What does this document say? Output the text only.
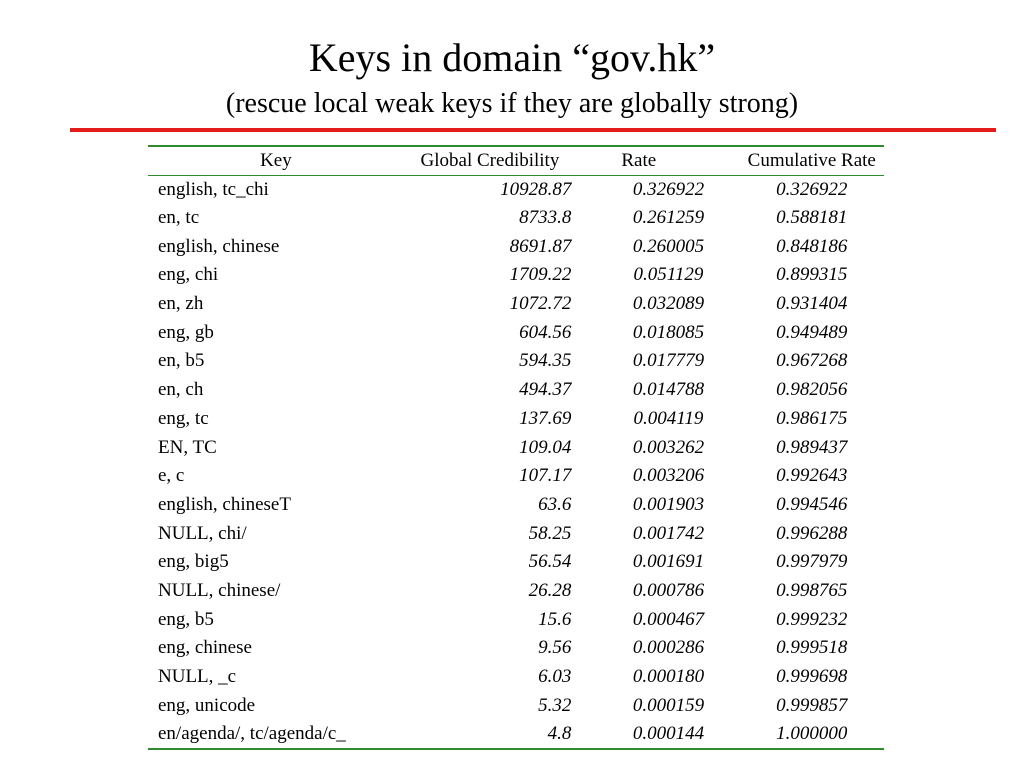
Keys in domain “gov.hk”
(rescue local weak keys if they are globally strong)
Key	Global Credibility	Rate	Cumulative Rate
english, tc_chi	10928.87	0.326922	0.326922
en, tc	8733.8	0.261259	0.588181
english, chinese	8691.87	0.260005	0.848186
eng, chi	1709.22	0.051129	0.899315
en, zh	1072.72	0.032089	0.931404
eng, gb	604.56	0.018085	0.949489
en, b5	594.35	0.017779	0.967268
en, ch	494.37	0.014788	0.982056
eng, tc	137.69	0.004119	0.986175
EN, TC	109.04	0.003262	0.989437
e, c	107.17	0.003206	0.992643
english, chineseT	63.6	0.001903	0.994546
NULL, chi/	58.25	0.001742	0.996288
eng, big5	56.54	0.001691	0.997979
NULL, chinese/	26.28	0.000786	0.998765
eng, b5	15.6	0.000467	0.999232
eng, chinese	9.56	0.000286	0.999518
NULL, _c	6.03	0.000180	0.999698
eng, unicode	5.32	0.000159	0.999857
en/agenda/, tc/agenda/c_	4.8	0.000144	1.000000
